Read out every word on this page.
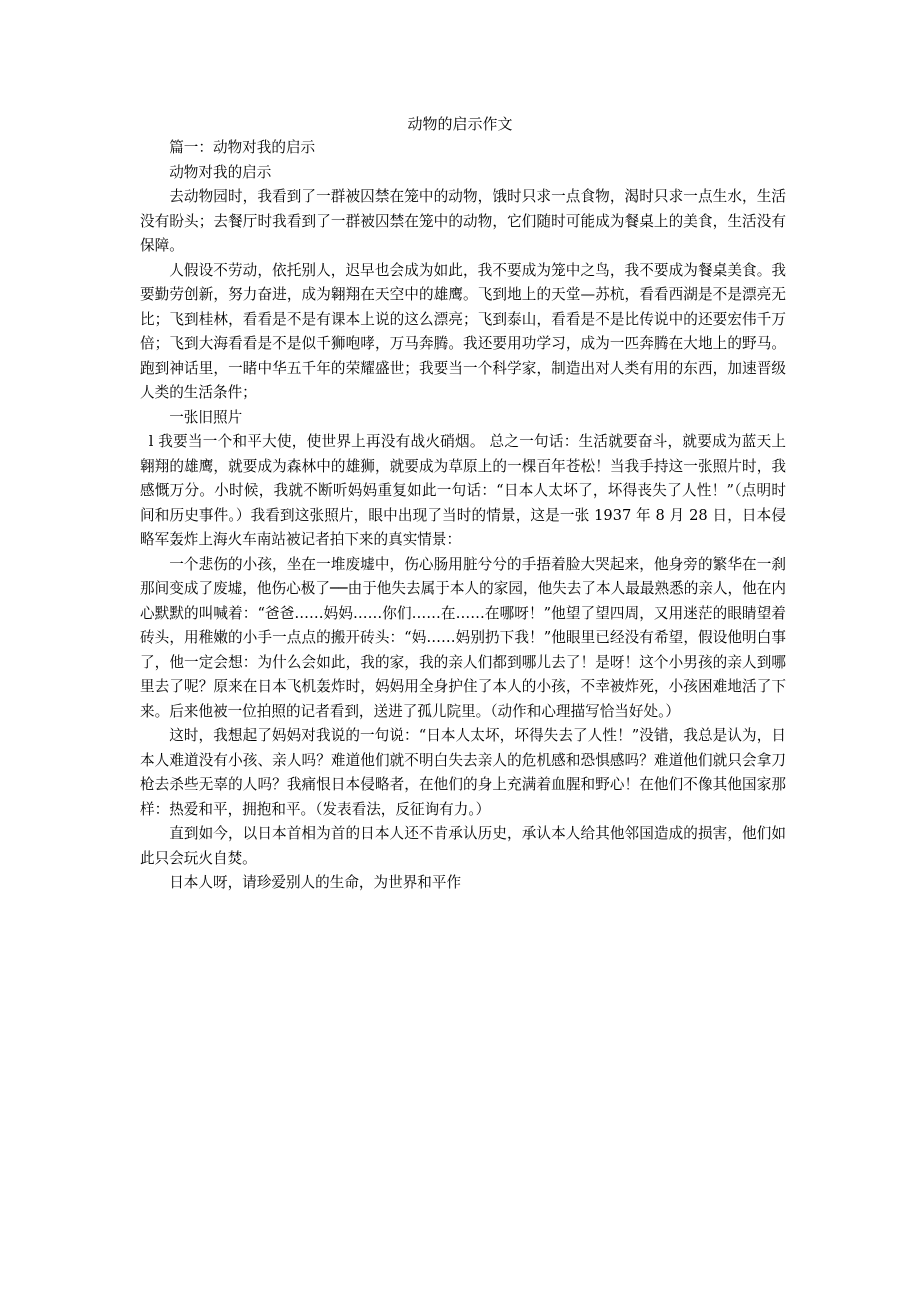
动物的启示作文

篇一：动物对我的启示

动物对我的启示

去动物园时，我看到了一群被囚禁在笼中的动物，饿时只求一点食物，渴时只求一点生水，生活没有盼头；去餐厅时我看到了一群被囚禁在笼中的动物，它们随时可能成为餐桌上的美食，生活没有保障。

人假设不劳动，依托别人，迟早也会成为如此，我不要成为笼中之鸟，我不要成为餐桌美食。我要勤劳创新，努力奋进，成为翱翔在天空中的雄鹰。飞到地上的天堂—苏杭，看看西湖是不是漂亮无比；飞到桂林，看看是不是有课本上说的这么漂亮；飞到泰山，看看是不是比传说中的还要宏伟千万倍；飞到大海看看是不是似千狮咆哮，万马奔腾。我还要用功学习，成为一匹奔腾在大地上的野马。跑到神话里，一睹中华五千年的荣耀盛世；我要当一个科学家，制造出对人类有用的东西，加速晋级人类的生活条件；

一张旧照片

l 我要当一个和平大使，使世界上再没有战火硝烟。 总之一句话：生活就要奋斗，就要成为蓝天上翱翔的雄鹰，就要成为森林中的雄狮，就要成为草原上的一棵百年苍松！当我手持这一张照片时，我感慨万分。小时候，我就不断听妈妈重复如此一句话：“日本人太坏了，坏得丧失了人性！”（点明时间和历史事件。）我看到这张照片，眼中出现了当时的情景，这是一张 1937 年 8 月 28 日，日本侵略军轰炸上海火车南站被记者拍下来的真实情景：

一个悲伤的小孩，坐在一堆废墟中，伤心肠用脏兮兮的手捂着脸大哭起来，他身旁的繁华在一刹那间变成了废墟，他伤心极了──由于他失去属于本人的家园，他失去了本人最最熟悉的亲人，他在内心默默的叫喊着：“爸爸……妈妈……你们……在……在哪呀！”他望了望四周，又用迷茫的眼睛望着砖头，用稚嫩的小手一点点的搬开砖头：“妈……妈别扔下我！”他眼里已经没有希望，假设他明白事了，他一定会想：为什么会如此，我的家，我的亲人们都到哪儿去了！是呀！这个小男孩的亲人到哪里去了呢？原来在日本飞机轰炸时，妈妈用全身护住了本人的小孩，不幸被炸死，小孩困难地活了下来。后来他被一位拍照的记者看到，送进了孤儿院里。（动作和心理描写恰当好处。）

这时，我想起了妈妈对我说的一句说：“日本人太坏，坏得失去了人性！”没错，我总是认为，日本人难道没有小孩、亲人吗？难道他们就不明白失去亲人的危机感和恐惧感吗？难道他们就只会拿刀枪去杀些无辜的人吗？我痛恨日本侵略者，在他们的身上充满着血腥和野心！在他们不像其他国家那样：热爱和平，拥抱和平。（发表看法，反征询有力。）

直到如今，以日本首相为首的日本人还不肯承认历史，承认本人给其他邻国造成的损害，他们如此只会玩火自焚。

日本人呀，请珍爱别人的生命，为世界和平作
